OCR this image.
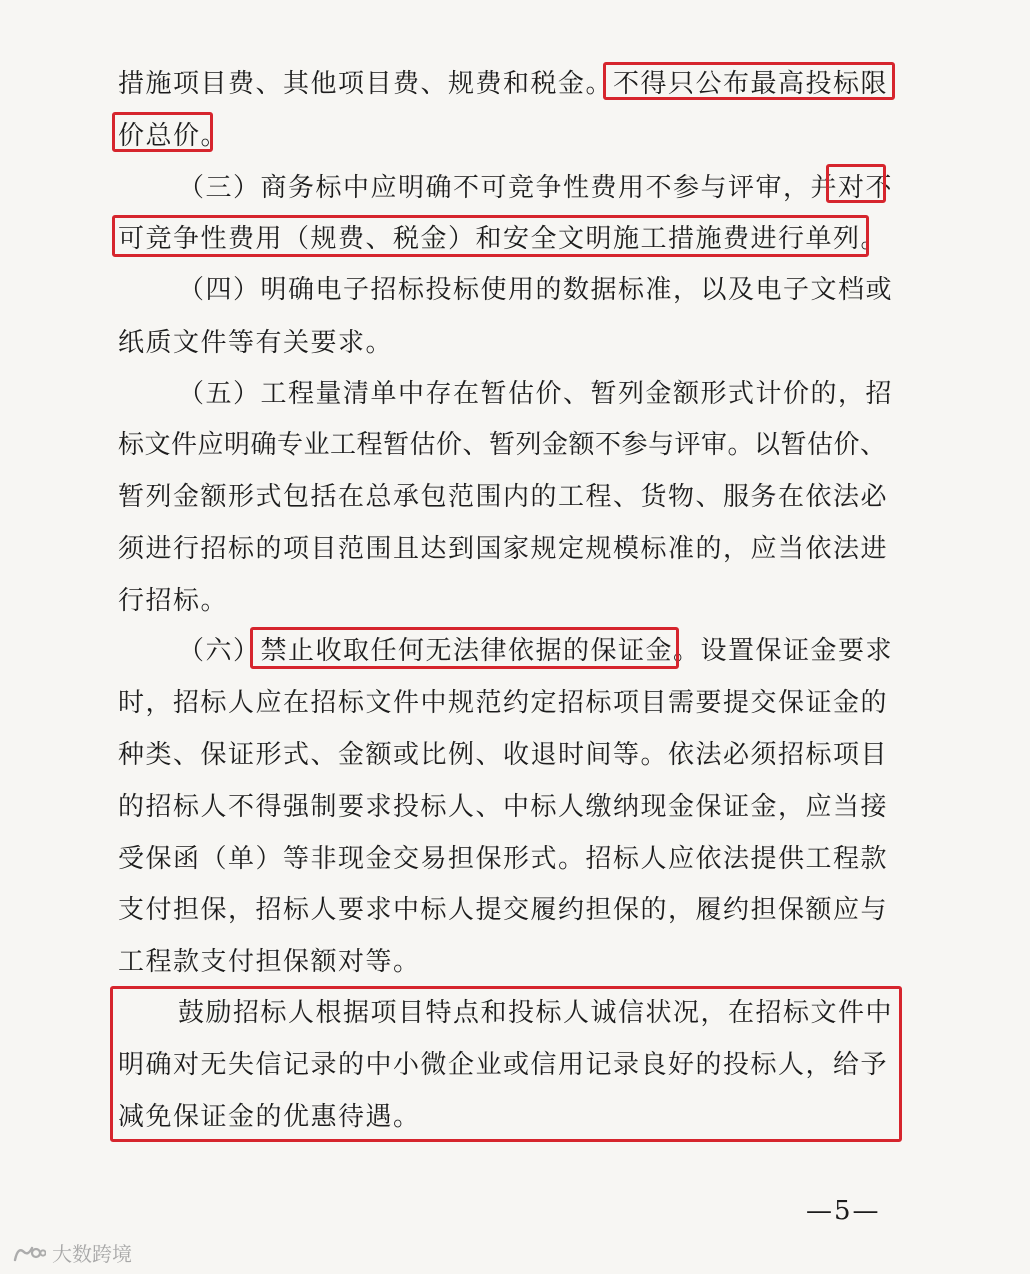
措施项目费、其他项目费、规费和税金。不得只公布最高投标限
价总价。
（三）商务标中应明确不可竞争性费用不参与评审，并对不
可竞争性费用（规费、税金）和安全文明施工措施费进行单列。
（四）明确电子招标投标使用的数据标准，以及电子文档或
纸质文件等有关要求。
（五）工程量清单中存在暂估价、暂列金额形式计价的，招
标文件应明确专业工程暂估价、暂列金额不参与评审。以暂估价、
暂列金额形式包括在总承包范围内的工程、货物、服务在依法必
须进行招标的项目范围且达到国家规定规模标准的，应当依法进
行招标。
（六）禁止收取任何无法律依据的保证金。设置保证金要求
时，招标人应在招标文件中规范约定招标项目需要提交保证金的
种类、保证形式、金额或比例、收退时间等。依法必须招标项目
的招标人不得强制要求投标人、中标人缴纳现金保证金，应当接
受保函（单）等非现金交易担保形式。招标人应依法提供工程款
支付担保，招标人要求中标人提交履约担保的，履约担保额应与
工程款支付担保额对等。
鼓励招标人根据项目特点和投标人诚信状况，在招标文件中
明确对无失信记录的中小微企业或信用记录良好的投标人，给予
减免保证金的优惠待遇。
—5—
大数跨境
